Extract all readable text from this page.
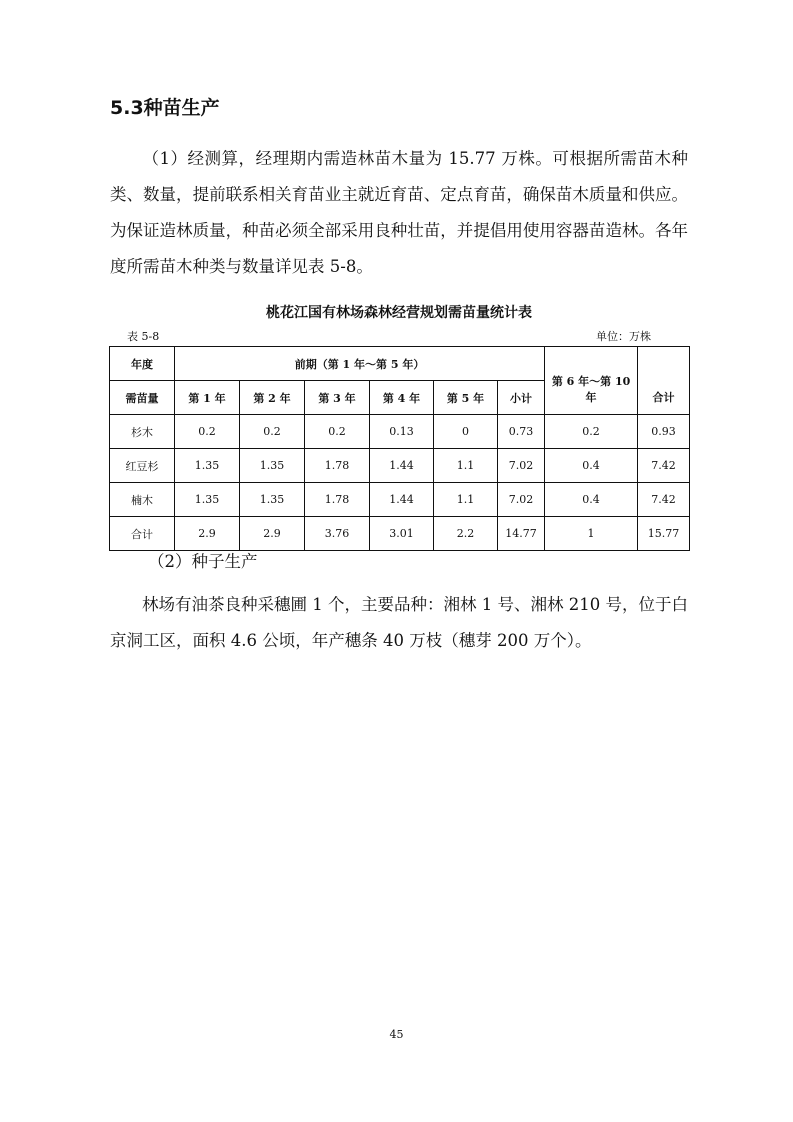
5.3种苗生产

（1）经测算，经理期内需造林苗木量为 15.77 万株。可根据所需苗木种类、数量，提前联系相关育苗业主就近育苗、定点育苗，确保苗木质量和供应。为保证造林质量，种苗必须全部采用良种壮苗，并提倡用使用容器苗造林。各年度所需苗木种类与数量详见表 5-8。

桃花江国有林场森林经营规划需苗量统计表
表 5-8	单位：万株
年度	前期（第 1 年～第 5 年）						第 6 年～第 10 年	合计
需苗量	第 1 年	第 2 年	第 3 年	第 4 年	第 5 年	小计		
杉木	0.2	0.2	0.2	0.13	0	0.73	0.2	0.93
红豆杉	1.35	1.35	1.78	1.44	1.1	7.02	0.4	7.42
楠木	1.35	1.35	1.78	1.44	1.1	7.02	0.4	7.42
合计	2.9	2.9	3.76	3.01	2.2	14.77	1	15.77

（2）种子生产

林场有油茶良种采穗圃 1 个，主要品种：湘林 1 号、湘林 210 号，位于白京洞工区，面积 4.6 公顷，年产穗条 40 万枝（穗芽 200 万个）。

45
